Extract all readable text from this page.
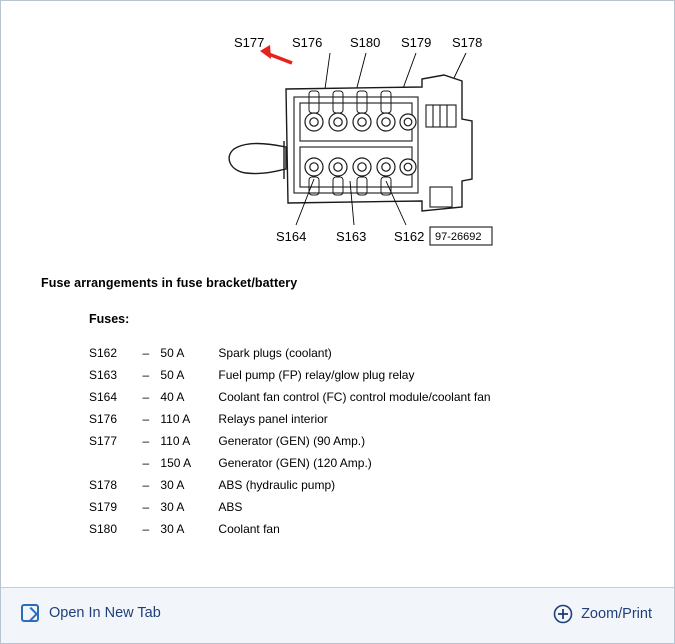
S177 S176 S180 S179 S178
S164 S163 S162 97-26692
Fuse arrangements in fuse bracket/battery
Fuses:
S162	–	50 A	Spark plugs (coolant)
S163	–	50 A	Fuel pump (FP) relay/glow plug relay
S164	–	40 A	Coolant fan control (FC) control module/coolant fan
S176	–	110 A	Relays panel interior
S177	–	110 A	Generator (GEN) (90 Amp.)
	–	150 A	Generator (GEN) (120 Amp.)
S178	–	30 A	ABS (hydraulic pump)
S179	–	30 A	ABS
S180	–	30 A	Coolant fan
Open In New Tab	Zoom/Print
